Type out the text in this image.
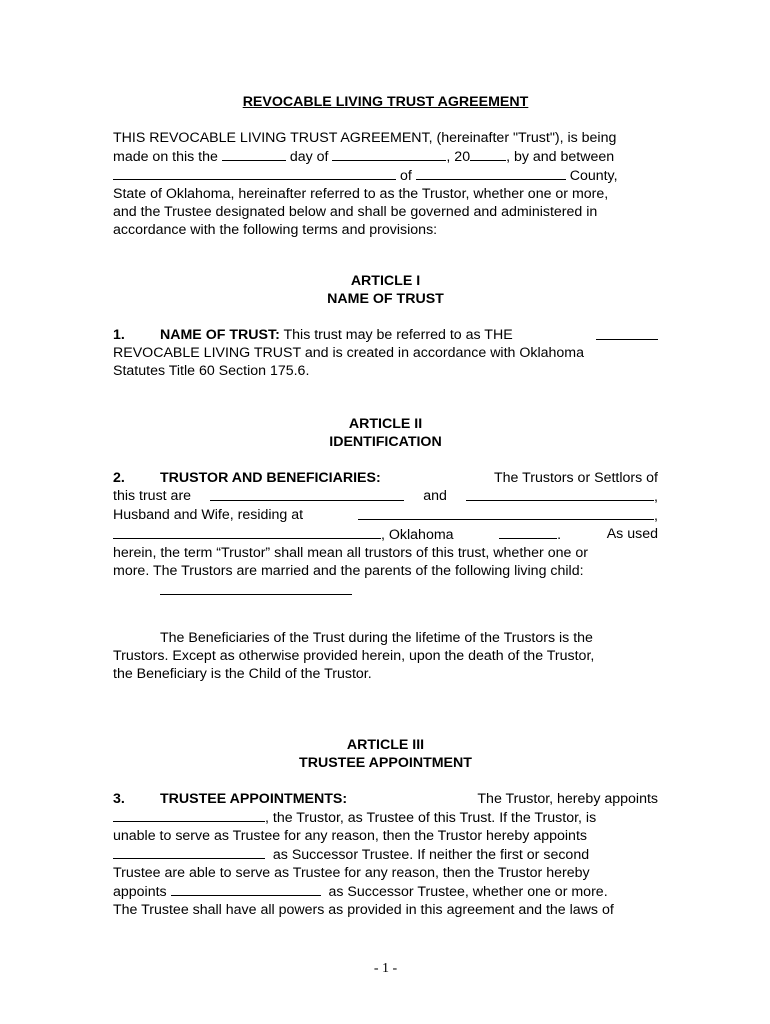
REVOCABLE LIVING TRUST AGREEMENT
THIS REVOCABLE LIVING TRUST AGREEMENT, (hereinafter "Trust"), is being
made on this the	day of	, 20	, by and between
of	County,
State of Oklahoma, hereinafter referred to as the Trustor, whether one or more,
and the Trustee designated below and shall be governed and administered in
accordance with the following terms and provisions:
ARTICLE I
NAME OF TRUST
1. NAME OF TRUST: This trust may be referred to as THE
REVOCABLE LIVING TRUST and is created in accordance with Oklahoma
Statutes Title 60 Section 175.6.
ARTICLE II
IDENTIFICATION
2. TRUSTOR AND BENEFICIARIES:	The Trustors or Settlors of
this trust are	and	,
Husband and Wife, residing at	,
, Oklahoma	.	As used
herein, the term “Trustor” shall mean all trustors of this trust, whether one or
more. The Trustors are married and the parents of the following living child:
The Beneficiaries of the Trust during the lifetime of the Trustors is the
Trustors. Except as otherwise provided herein, upon the death of the Trustor,
the Beneficiary is the Child of the Trustor.
ARTICLE III
TRUSTEE APPOINTMENT
3. TRUSTEE APPOINTMENTS:	The Trustor, hereby appoints
, the Trustor, as Trustee of this Trust. If the Trustor, is
unable to serve as Trustee for any reason, then the Trustor hereby appoints
as Successor Trustee. If neither the first or second
Trustee are able to serve as Trustee for any reason, then the Trustor hereby
appoints	as Successor Trustee, whether one or more.
The Trustee shall have all powers as provided in this agreement and the laws of
- 1 -
